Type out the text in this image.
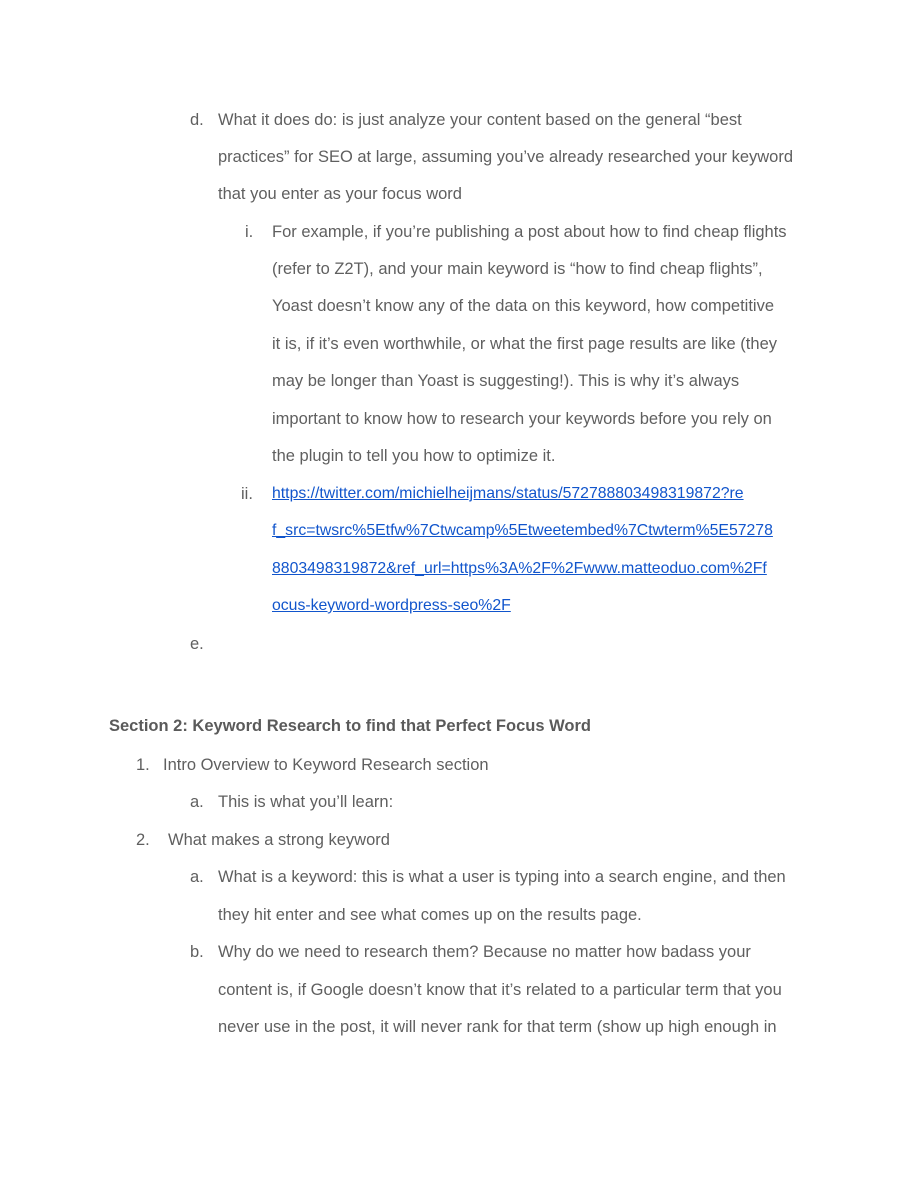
d. What it does do: is just analyze your content based on the general “best
practices” for SEO at large, assuming you’ve already researched your keyword
that you enter as your focus word
i. For example, if you’re publishing a post about how to find cheap flights
(refer to Z2T), and your main keyword is “how to find cheap flights”,
Yoast doesn’t know any of the data on this keyword, how competitive
it is, if it’s even worthwhile, or what the first page results are like (they
may be longer than Yoast is suggesting!). This is why it’s always
important to know how to research your keywords before you rely on
the plugin to tell you how to optimize it.
ii. https://twitter.com/michielheijmans/status/572788803498319872?re
f_src=twsrc%5Etfw%7Ctwcamp%5Etweetembed%7Ctwterm%5E57278
8803498319872&ref_url=https%3A%2F%2Fwww.matteoduo.com%2Ff
ocus-keyword-wordpress-seo%2F
e.
Section 2: Keyword Research to find that Perfect Focus Word
1. Intro Overview to Keyword Research section
a. This is what you’ll learn:
2. What makes a strong keyword
a. What is a keyword: this is what a user is typing into a search engine, and then
they hit enter and see what comes up on the results page.
b. Why do we need to research them? Because no matter how badass your
content is, if Google doesn’t know that it’s related to a particular term that you
never use in the post, it will never rank for that term (show up high enough in
